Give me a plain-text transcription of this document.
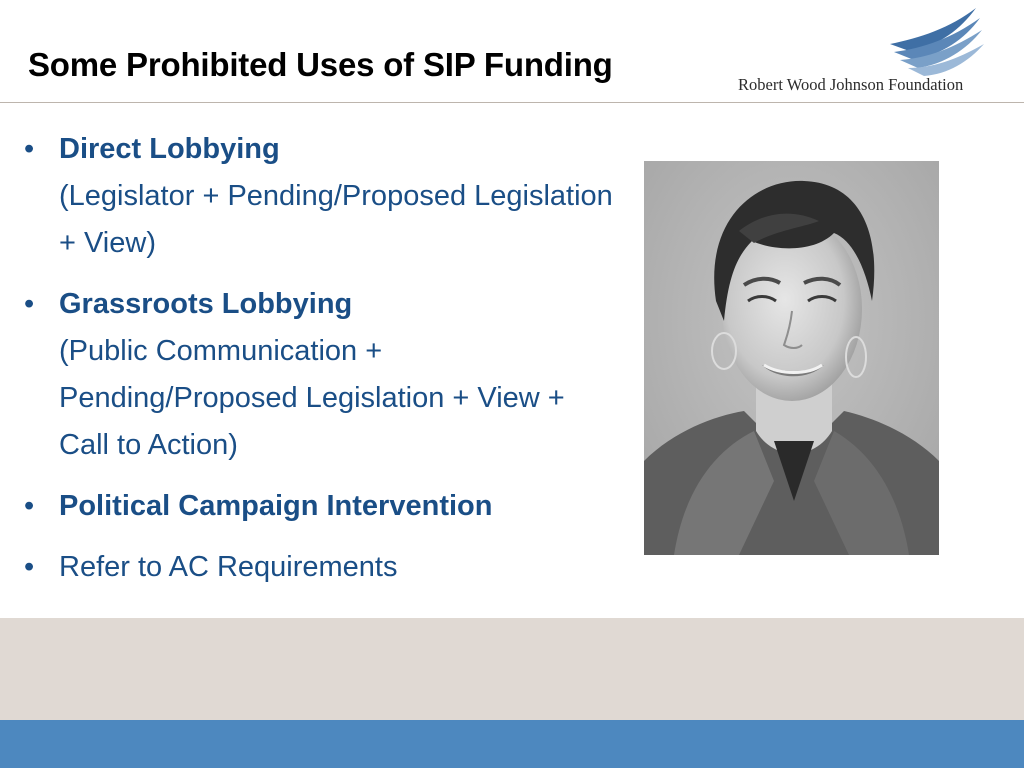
Some Prohibited Uses of SIP Funding
Robert Wood Johnson Foundation
• Direct Lobbying
(Legislator + Pending/Proposed Legislation + View)
• Grassroots Lobbying
(Public Communication + Pending/Proposed Legislation + View + Call to Action)
• Political Campaign Intervention
• Refer to AC Requirements
